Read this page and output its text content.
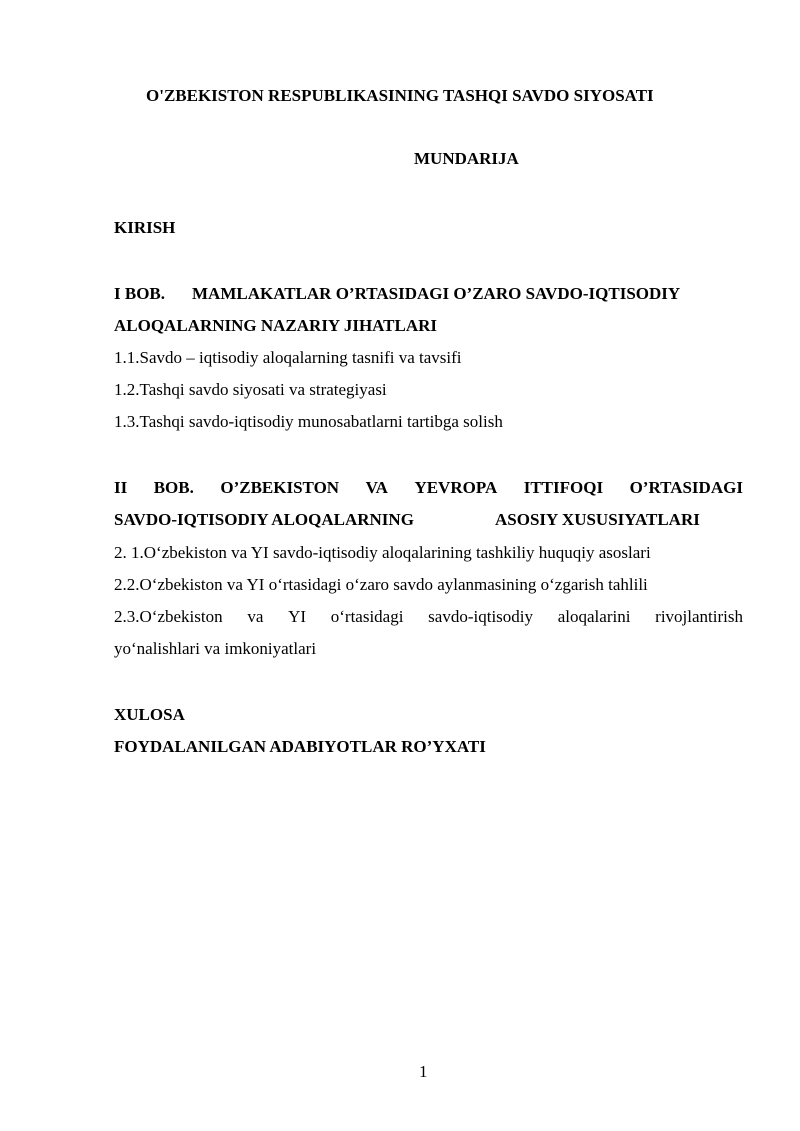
O'ZBEKISTON RESPUBLIKASINING TASHQI SAVDO SIYOSATI
MUNDARIJA
KIRISH
I BOB. MAMLAKATLAR O’RTASIDAGI O’ZARO SAVDO-IQTISODIY
ALOQALARNING NAZARIY JIHATLARI
1.1.Savdo – iqtisodiy aloqalarning tasnifi va tavsifi
1.2.Tashqi savdo siyosati va strategiyasi
1.3.Tashqi savdo-iqtisodiy munosabatlarni tartibga solish
II BOB. O’ZBEKISTON VA YEVROPA ITTIFOQI O’RTASIDAGI
SAVDO-IQTISODIY ALOQALARNING	ASOSIY XUSUSIYATLARI
2. 1.O‘zbekiston va YI savdo-iqtisodiy aloqalarining tashkiliy huquqiy asoslari
2.2.O‘zbekiston va YI o‘rtasidagi o‘zaro savdo aylanmasining o‘zgarish tahlili
2.3.O‘zbekiston va YI o‘rtasidagi savdo-iqtisodiy aloqalarini rivojlantirish
yo‘nalishlari va imkoniyatlari
XULOSA
FOYDALANILGAN ADABIYOTLAR RO’YXATI
1
